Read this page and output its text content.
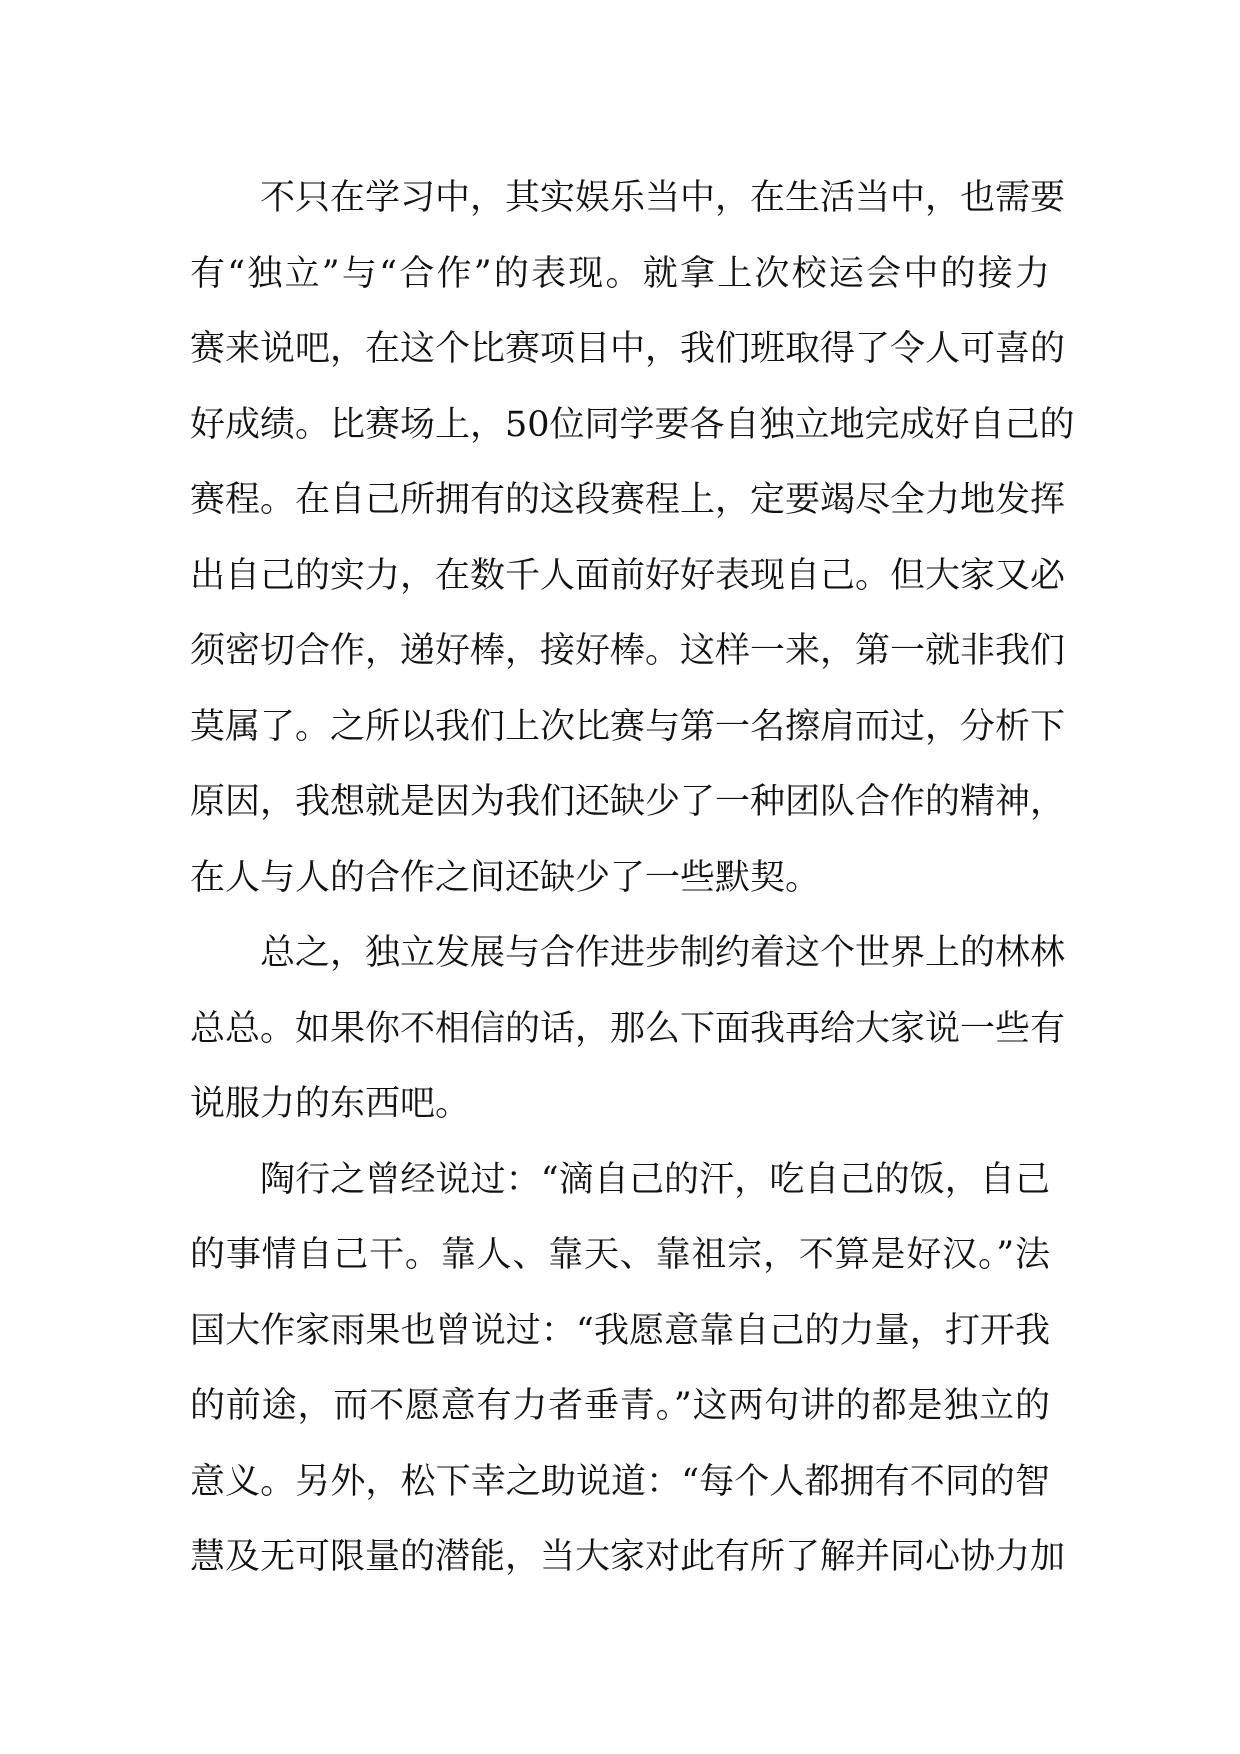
不只在学习中，其实娱乐当中，在生活当中，也需要
有“独立”与“合作”的表现。就拿上次校运会中的接力
赛来说吧，在这个比赛项目中，我们班取得了令人可喜的
好成绩。比赛场上，50位同学要各自独立地完成好自己的
赛程。在自己所拥有的这段赛程上，定要竭尽全力地发挥
出自己的实力，在数千人面前好好表现自己。但大家又必
须密切合作，递好棒，接好棒。这样一来，第一就非我们
莫属了。之所以我们上次比赛与第一名擦肩而过，分析下
原因，我想就是因为我们还缺少了一种团队合作的精神，
在人与人的合作之间还缺少了一些默契。
总之，独立发展与合作进步制约着这个世界上的林林
总总。如果你不相信的话，那么下面我再给大家说一些有
说服力的东西吧。
陶行之曾经说过：“滴自己的汗，吃自己的饭，自己
的事情自己干。靠人、靠天、靠祖宗，不算是好汉。”法
国大作家雨果也曾说过：“我愿意靠自己的力量，打开我
的前途，而不愿意有力者垂青。”这两句讲的都是独立的
意义。另外，松下幸之助说道：“每个人都拥有不同的智
慧及无可限量的潜能，当大家对此有所了解并同心协力加
